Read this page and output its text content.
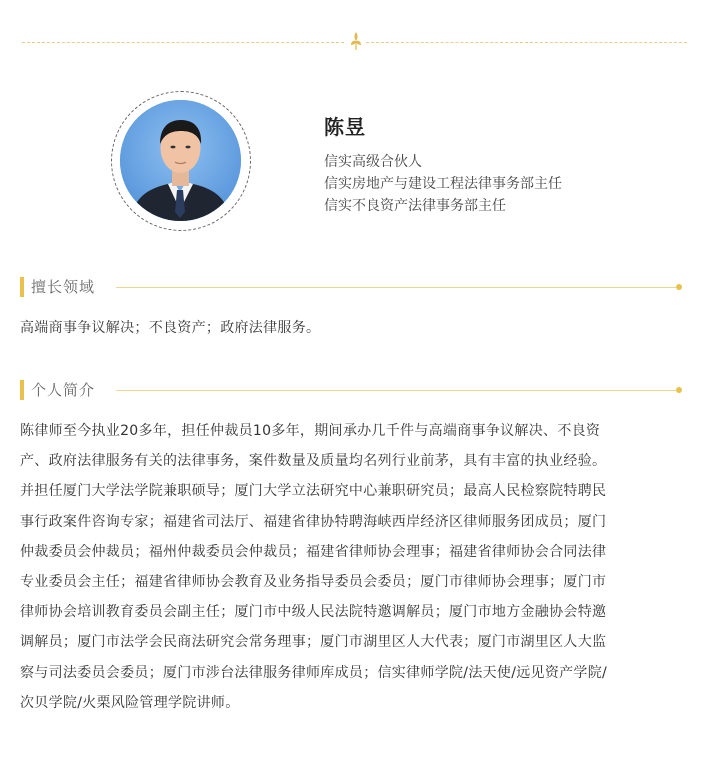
陈昱
信实高级合伙人
信实房地产与建设工程法律事务部主任
信实不良资产法律事务部主任
擅长领域
高端商事争议解决；不良资产；政府法律服务。
个人简介
陈律师至今执业20多年，担任仲裁员10多年，期间承办几千件与高端商事争议解决、不良资
产、政府法律服务有关的法律事务，案件数量及质量均名列行业前茅，具有丰富的执业经验。
并担任厦门大学法学院兼职硕导；厦门大学立法研究中心兼职研究员；最高人民检察院特聘民
事行政案件咨询专家；福建省司法厅、福建省律协特聘海峡西岸经济区律师服务团成员；厦门
仲裁委员会仲裁员；福州仲裁委员会仲裁员；福建省律师协会理事；福建省律师协会合同法律
专业委员会主任；福建省律师协会教育及业务指导委员会委员；厦门市律师协会理事；厦门市
律师协会培训教育委员会副主任；厦门市中级人民法院特邀调解员；厦门市地方金融协会特邀
调解员；厦门市法学会民商法研究会常务理事；厦门市湖里区人大代表；厦门市湖里区人大监
察与司法委员会委员；厦门市涉台法律服务律师库成员；信实律师学院/法天使/远见资产学院/
次贝学院/火栗风险管理学院讲师。
